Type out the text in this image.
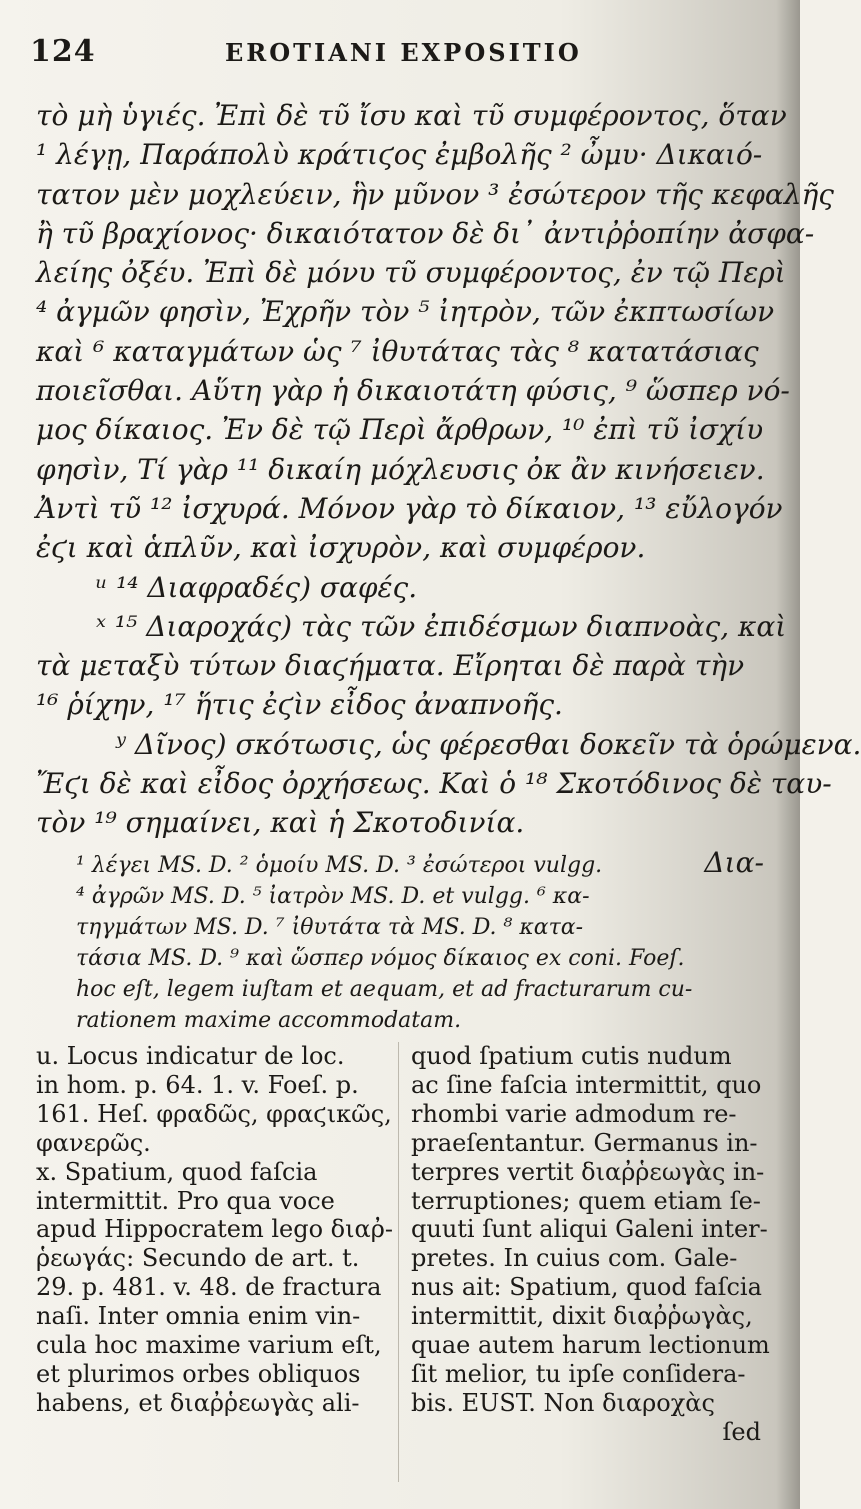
124	EROTIANI EXPOSITIO
τὸ μὴ ὑγιές. Ἐπὶ δὲ τῦ ἴσυ καὶ τῦ συμφέροντος, ὅταν
¹ λέγῃ, Παράπολὺ κράτιϛος ἐμβολῆς ² ὦμυ· Δικαιό-
τατον μὲν μοχλεύειν, ἣν μῦνον ³ ἐσώτερον τῆς κεφαλῆς
ἢ τῦ βραχίονος· δικαιότατον δὲ δι᾽ ἀντιῤῥοπίην ἀσφα-
λείης ὀξέυ. Ἐπὶ δὲ μόνυ τῦ συμφέροντος, ἐν τῷ Περὶ
⁴ ἀγμῶν φησὶν, Ἐχρῆν τὸν ⁵ ἰητρὸν, τῶν ἐκπτωσίων
καὶ ⁶ καταγμάτων ὡς ⁷ ἰθυτάτας τὰς ⁸ κατατάσιας
ποιεῖσθαι. Αὕτη γὰρ ἡ δικαιοτάτη φύσις, ⁹ ὥσπερ νό-
μος δίκαιος. Ἐν δὲ τῷ Περὶ ἄρθρων, ¹⁰ ἐπὶ τῦ ἰσχίυ
φησὶν, Τί γὰρ ¹¹ δικαίη μόχλευσις ὀκ ἂν κινήσειεν.
Ἀντὶ τῦ ¹² ἰσχυρά. Μόνον γὰρ τὸ δίκαιον, ¹³ εὔλογόν
ἐϛι καὶ ἁπλῦν, καὶ ἰσχυρὸν, καὶ συμφέρον.
ᵘ ¹⁴ Διαφραδές) σαφές.
ˣ ¹⁵ Διαροχάς) τὰς τῶν ἐπιδέσμων διαπνοὰς, καὶ
τὰ μεταξὺ τύτων διαϛήματα. Εἴρηται δὲ παρὰ τὴν
¹⁶ ῥίχην, ¹⁷ ἥτις ἐϛὶν εἶδος ἀναπνοῆς.
ʸ Δῖνος) σκότωσις, ὡς φέρεσθαι δοκεῖν τὰ ὁρώμενα.
Ἔϛι δὲ καὶ εἶδος ὀρχήσεως. Καὶ ὁ ¹⁸ Σκοτόδινος δὲ ταυ-
τὸν ¹⁹ σημαίνει, καὶ ἡ Σκοτοδινία.
Δια-
¹ λέγει MS. D. ² ὁμοίυ MS. D. ³ ἐσώτεροι vulgg.
⁴ ἀγρῶν MS. D. ⁵ ἰατρὸν MS. D. et vulgg. ⁶ κα-
τηγμάτων MS. D. ⁷ ἰθυτάτα τὰ MS. D. ⁸ κατα-
τάσια MS. D. ⁹ καὶ ὥσπερ νόμος δίκαιος ex coni. Foeſ.
hoc eſt, legem iuſtam et aequam, et ad fracturarum cu-
rationem maxime accommodatam.
u. Locus indicatur de loc.
in hom. p. 64. 1. v. Foeſ. p.
161. Heſ. φραδῶς, φραϛικῶς,
φανερῶς.
x. Spatium, quod faſcia
intermittit. Pro qua voce
apud Hippocratem lego διαῤ-
ῥεωγάς: Secundo de art. t.
29. p. 481. v. 48. de fractura
naſi. Inter omnia enim vin-
cula hoc maxime varium eſt,
et plurimos orbes obliquos
habens, et διαῤῥεωγὰς ali-
quod ſpatium cutis nudum
ac ſine faſcia intermittit, quo
rhombi varie admodum re-
praeſentantur. Germanus in-
terpres vertit διαῤῥεωγὰς in-
terruptiones; quem etiam ſe-
quuti ſunt aliqui Galeni inter-
pretes. In cuius com. Gale-
nus ait: Spatium, quod faſcia
intermittit, dixit διαῤῥωγὰς,
quae autem harum lectionum
ſit melior, tu ipſe conſidera-
bis. EUST. Non διαροχὰς
ſed
